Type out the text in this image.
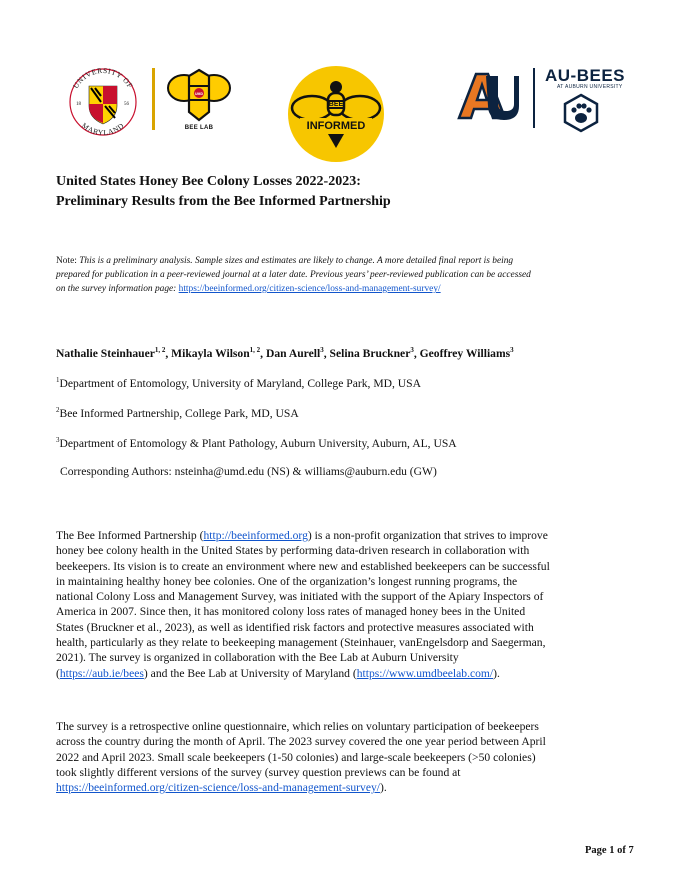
UNIVERSITY OF
MARYLAND
18	56
UMD
BEE LAB
BEE
INFORMED
AU
AU-BEES
AT AUBURN UNIVERSITY
United States Honey Bee Colony Losses 2022-2023:
Preliminary Results from the Bee Informed Partnership
Note: This is a preliminary analysis. Sample sizes and estimates are likely to change. A more detailed final report is being
prepared for publication in a peer-reviewed journal at a later date. Previous years’ peer-reviewed publication can be accessed
on the survey information page: https://beeinformed.org/citizen-science/loss-and-management-survey/
Nathalie Steinhauer$^{1, 2}$, Mikayla Wilson$^{1, 2}$, Dan Aurell$^3$, Selina Bruckner$^3$, Geoffrey Williams$^3$
$^1$Department of Entomology, University of Maryland, College Park, MD, USA
$^2$Bee Informed Partnership, College Park, MD, USA
$^3$Department of Entomology & Plant Pathology, Auburn University, Auburn, AL, USA
Corresponding Authors: nsteinha@umd.edu (NS) & williams@auburn.edu (GW)
The Bee Informed Partnership (http://beeinformed.org) is a non-profit organization that strives to improve
honey bee colony health in the United States by performing data-driven research in collaboration with
beekeepers. Its vision is to create an environment where new and established beekeepers can be successful
in maintaining healthy honey bee colonies. One of the organization’s longest running programs, the
national Colony Loss and Management Survey, was initiated with the support of the Apiary Inspectors of
America in 2007. Since then, it has monitored colony loss rates of managed honey bees in the United
States (Bruckner et al., 2023), as well as identified risk factors and protective measures associated with
health, particularly as they relate to beekeeping management (Steinhauer, vanEngelsdorp and Saegerman,
2021). The survey is organized in collaboration with the Bee Lab at Auburn University
(https://aub.ie/bees) and the Bee Lab at University of Maryland (https://www.umdbeelab.com/).
The survey is a retrospective online questionnaire, which relies on voluntary participation of beekeepers
across the country during the month of April. The 2023 survey covered the one year period between April
2022 and April 2023. Small scale beekeepers (1-50 colonies) and large-scale beekeepers (>50 colonies)
took slightly different versions of the survey (survey question previews can be found at
https://beeinformed.org/citizen-science/loss-and-management-survey/).
Page 1 of 7
